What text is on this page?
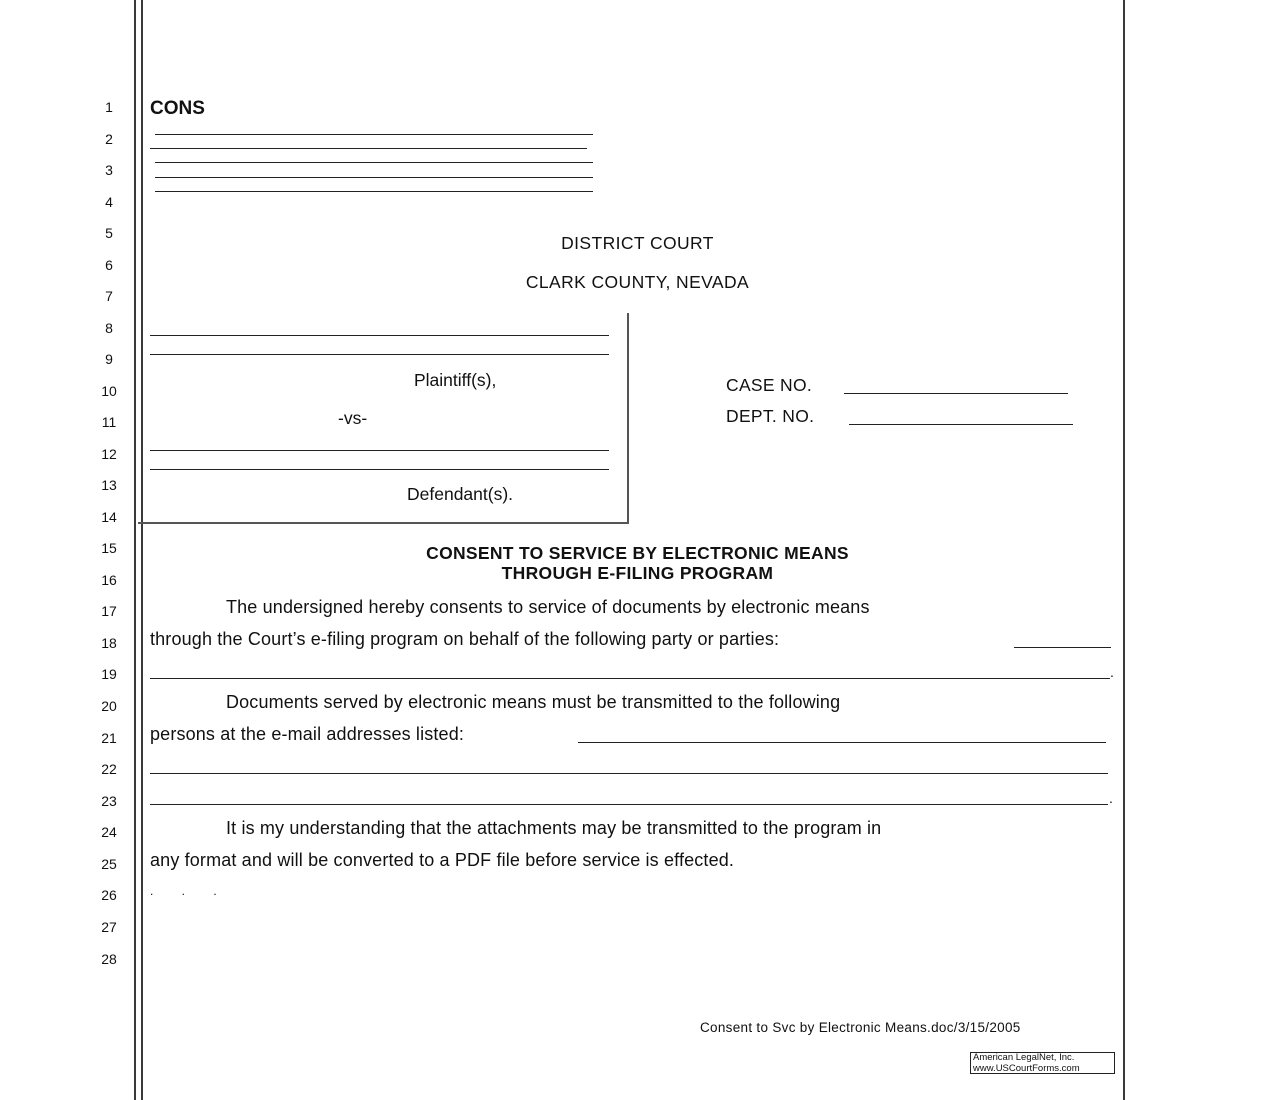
1
2
3
4
5
6
7
8
9
10
11
12
13
14
15
16
17
18
19
20
21
22
23
24
25
26
27
28
CONS
DISTRICT COURT
CLARK COUNTY, NEVADA
Plaintiff(s),
-vs-
Defendant(s).
CASE NO.
DEPT. NO.
CONSENT TO SERVICE BY ELECTRONIC MEANS
THROUGH E-FILING PROGRAM
The undersigned hereby consents to service of documents by electronic means
through the Court’s e-filing program on behalf of the following party or parties:
.
Documents served by electronic means must be transmitted to the following
persons at the e-mail addresses listed:
.
It is my understanding that the attachments may be transmitted to the program in
any format and will be converted to a PDF file before service is effected.
.    .    .
Consent to Svc by Electronic Means.doc/3/15/2005
American LegalNet, Inc.
www.USCourtForms.com
